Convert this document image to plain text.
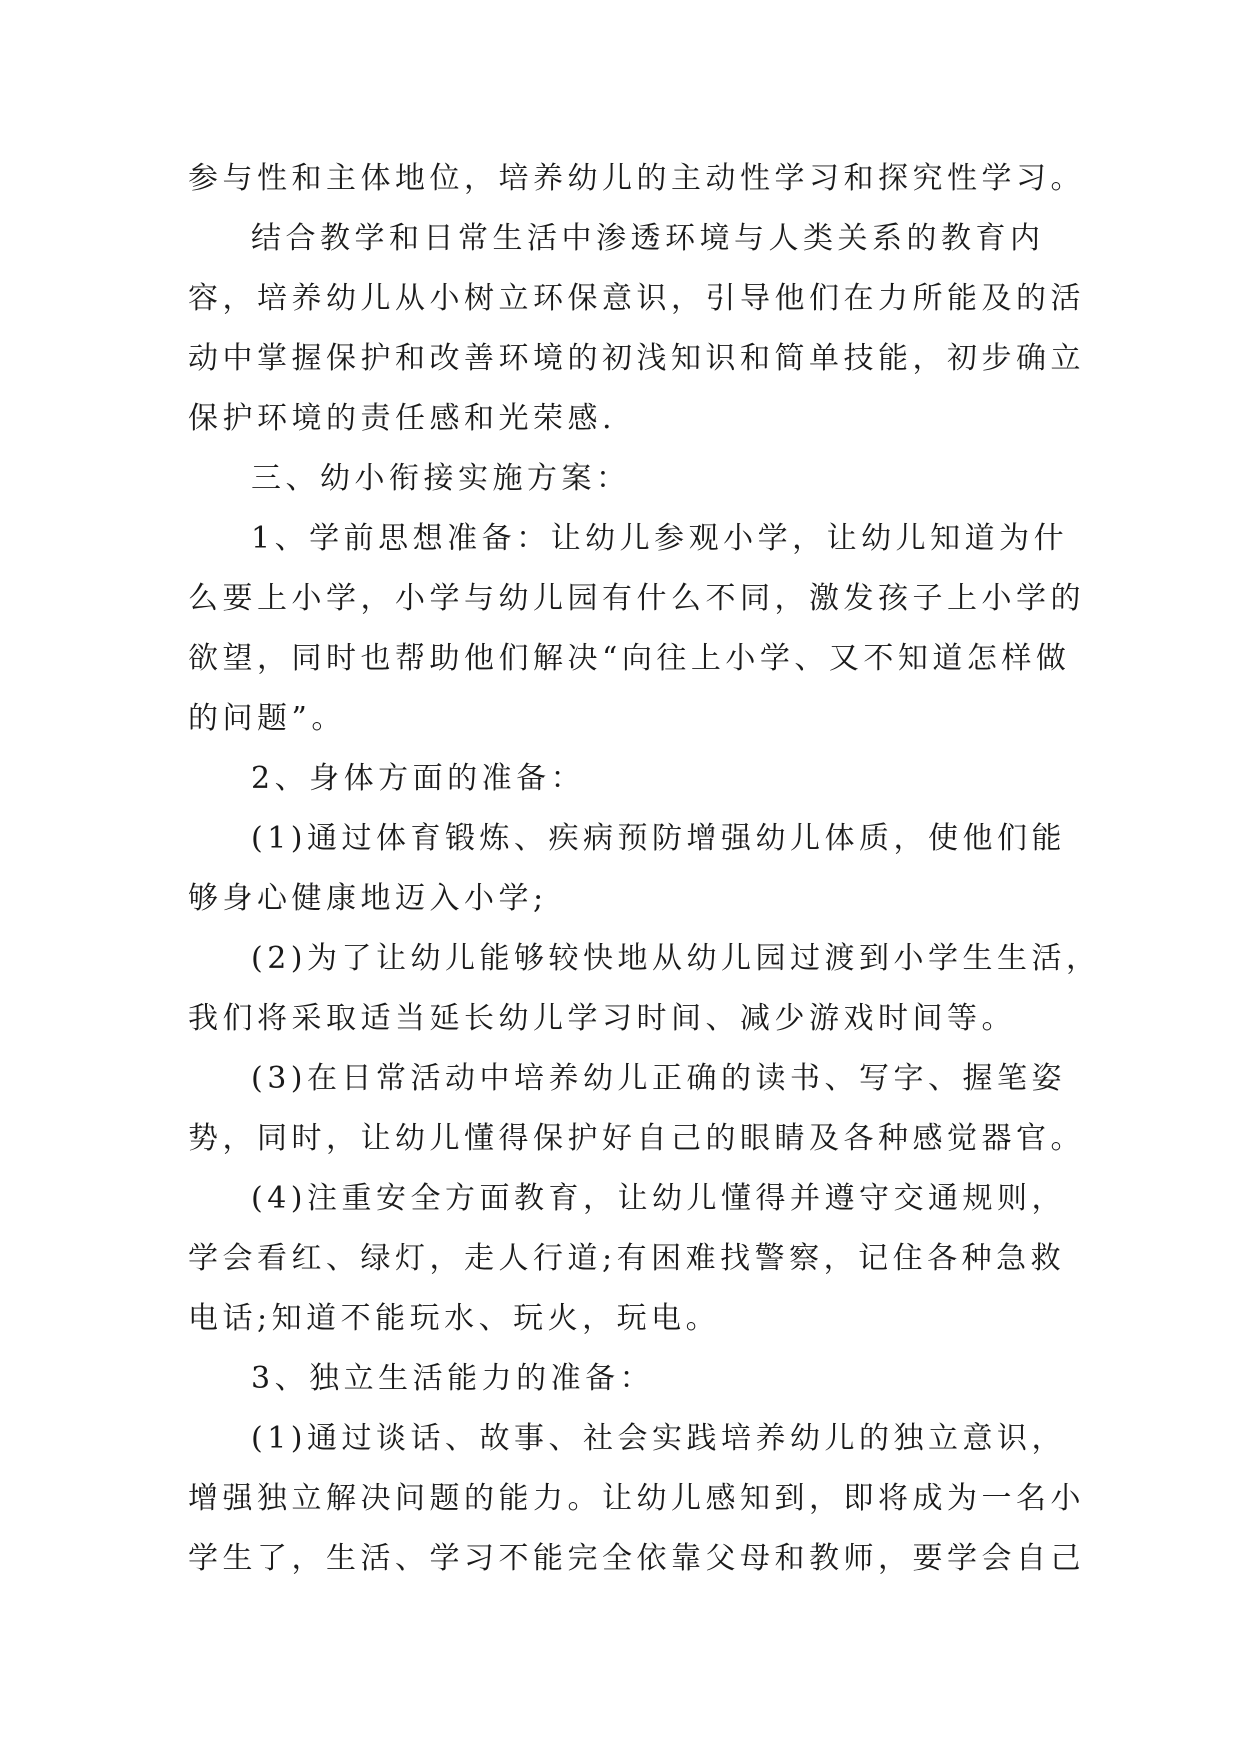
参与性和主体地位，培养幼儿的主动性学习和探究性学习。
结合教学和日常生活中渗透环境与人类关系的教育内
容，培养幼儿从小树立环保意识，引导他们在力所能及的活
动中掌握保护和改善环境的初浅知识和简单技能，初步确立
保护环境的责任感和光荣感.
三、幼小衔接实施方案：
1、学前思想准备：让幼儿参观小学，让幼儿知道为什
么要上小学，小学与幼儿园有什么不同，激发孩子上小学的
欲望，同时也帮助他们解决“向往上小学、又不知道怎样做
的问题”。
2、身体方面的准备：
(1)通过体育锻炼、疾病预防增强幼儿体质，使他们能
够身心健康地迈入小学;
(2)为了让幼儿能够较快地从幼儿园过渡到小学生生活，
我们将采取适当延长幼儿学习时间、减少游戏时间等。
(3)在日常活动中培养幼儿正确的读书、写字、握笔姿
势，同时，让幼儿懂得保护好自己的眼睛及各种感觉器官。
(4)注重安全方面教育，让幼儿懂得并遵守交通规则，
学会看红、绿灯，走人行道;有困难找警察，记住各种急救
电话;知道不能玩水、玩火，玩电。
3、独立生活能力的准备：
(1)通过谈话、故事、社会实践培养幼儿的独立意识，
增强独立解决问题的能力。让幼儿感知到，即将成为一名小
学生了，生活、学习不能完全依靠父母和教师，要学会自己
